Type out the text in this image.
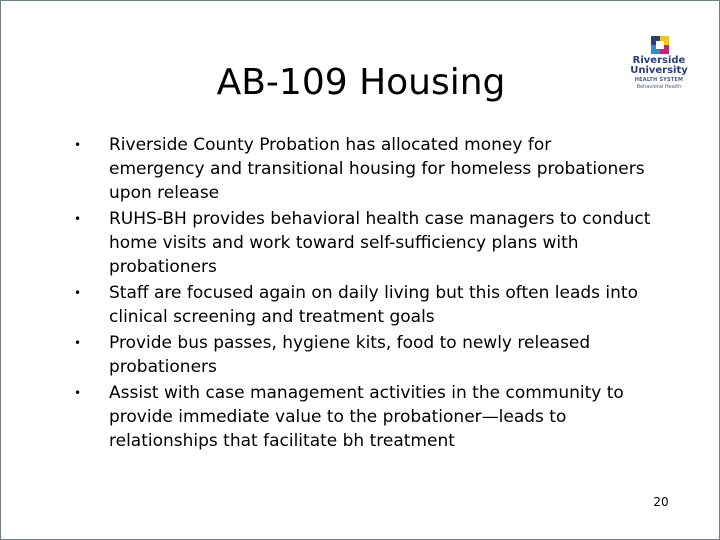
AB-109 Housing
Riverside
University
HEALTH SYSTEM
Behavioral Health
• Riverside County Probation has allocated money for emergency and transitional housing for homeless probationers upon release
• RUHS-BH provides behavioral health case managers to conduct home visits and work toward self-sufficiency plans with probationers
• Staff are focused again on daily living but this often leads into clinical screening and treatment goals
• Provide bus passes, hygiene kits, food to newly released probationers
• Assist with case management activities in the community to provide immediate value to the probationer—leads to relationships that facilitate bh treatment
20
